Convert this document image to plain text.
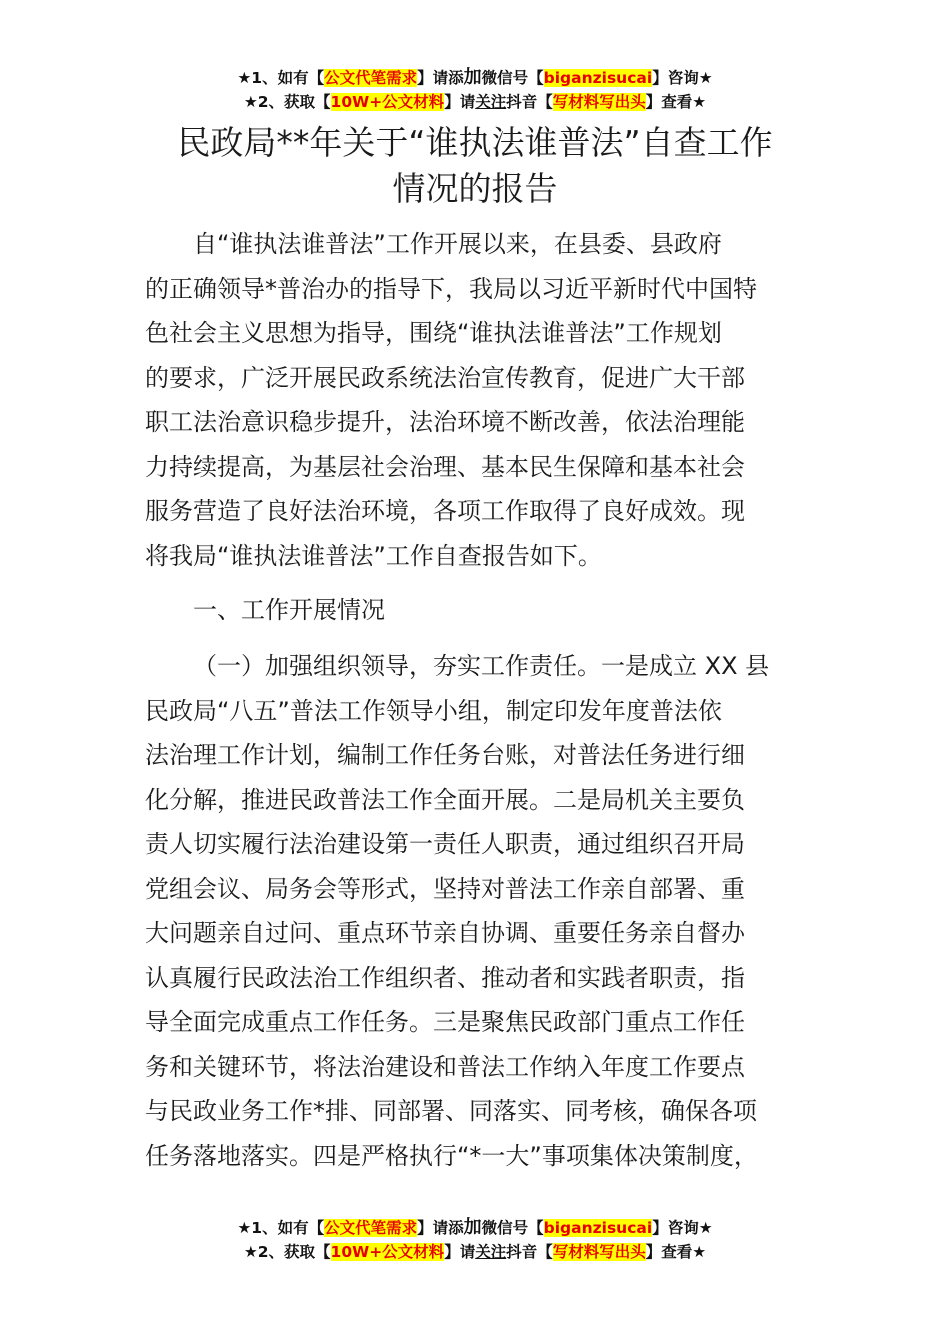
★1、如有【公文代笔需求】请添加微信号【biganzisucai】咨询★
★2、获取【10W+公文材料】请关注抖音【写材料写出头】查看★
民政局**年关于“谁执法谁普法”自查工作
情况的报告
自“谁执法谁普法”工作开展以来，在县委、县政府
的正确领导*普治办的指导下，我局以习近平新时代中国特
色社会主义思想为指导，围绕“谁执法谁普法”工作规划
的要求，广泛开展民政系统法治宣传教育，促进广大干部
职工法治意识稳步提升，法治环境不断改善，依法治理能
力持续提高，为基层社会治理、基本民生保障和基本社会
服务营造了良好法治环境，各项工作取得了良好成效。现
将我局“谁执法谁普法”工作自查报告如下。
一、工作开展情况
（一）加强组织领导，夯实工作责任。一是成立 XX 县
民政局“八五”普法工作领导小组，制定印发年度普法依
法治理工作计划，编制工作任务台账，对普法任务进行细
化分解，推进民政普法工作全面开展。二是局机关主要负
责人切实履行法治建设第一责任人职责，通过组织召开局
党组会议、局务会等形式，坚持对普法工作亲自部署、重
大问题亲自过问、重点环节亲自协调、重要任务亲自督办
认真履行民政法治工作组织者、推动者和实践者职责，指
导全面完成重点工作任务。三是聚焦民政部门重点工作任
务和关键环节，将法治建设和普法工作纳入年度工作要点
与民政业务工作*排、同部署、同落实、同考核，确保各项
任务落地落实。四是严格执行“*一大”事项集体决策制度，
★1、如有【公文代笔需求】请添加微信号【biganzisucai】咨询★
★2、获取【10W+公文材料】请关注抖音【写材料写出头】查看★
